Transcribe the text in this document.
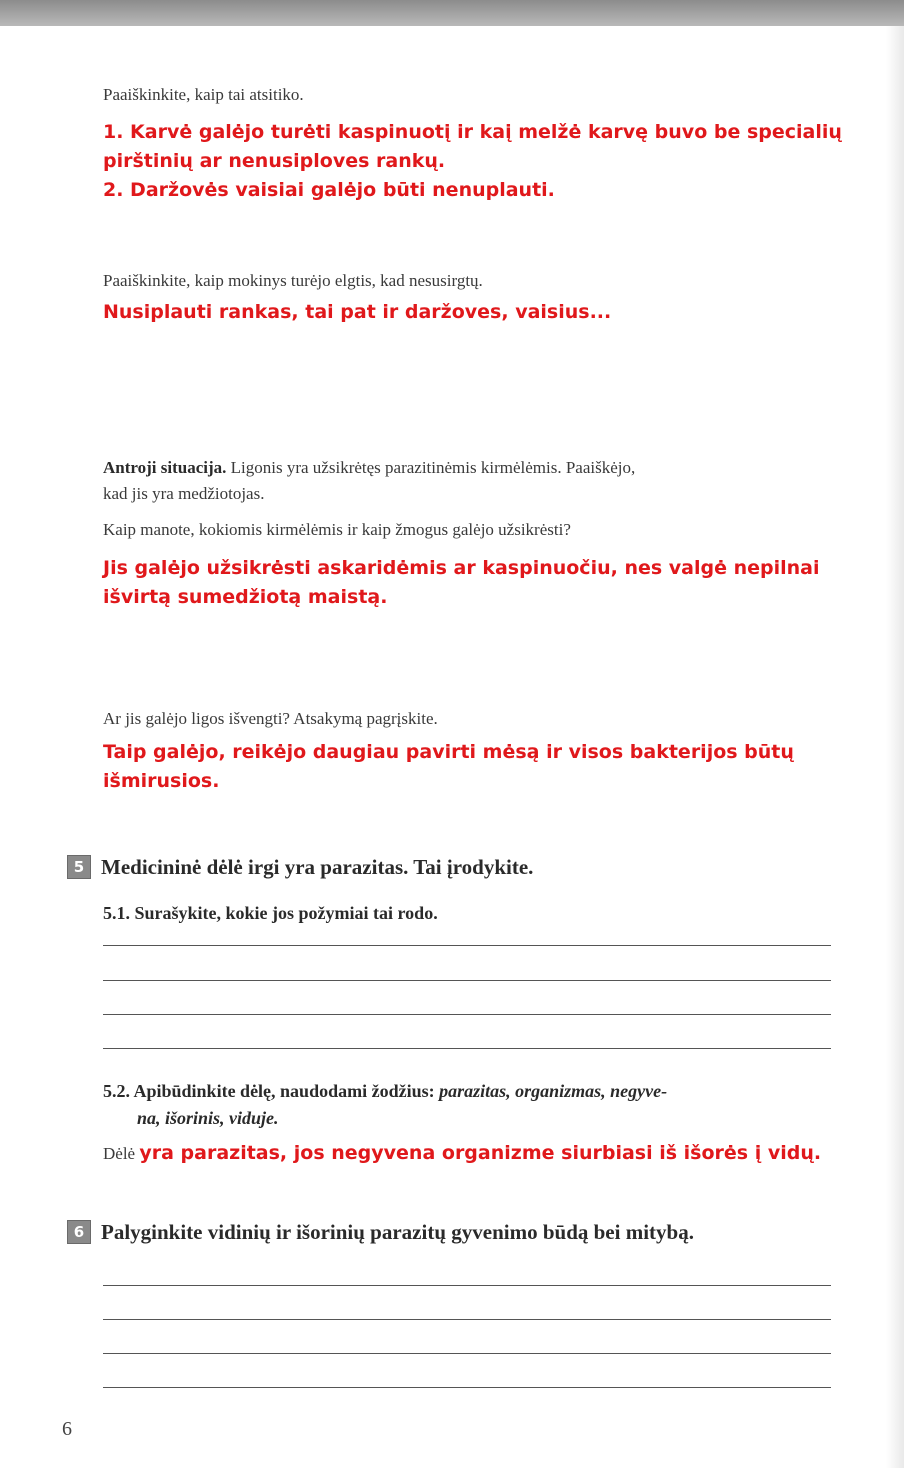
Paaiškinkite, kaip tai atsitiko.
1. Karvė galėjo turėti kaspinuotį ir kaį melžė karvę buvo be specialių
pirštinių ar nenusiploves rankų.
2. Daržovės vaisiai galėjo būti nenuplauti.
Paaiškinkite, kaip mokinys turėjo elgtis, kad nesusirgtų.
Nusiplauti rankas, tai pat ir daržoves, vaisius...
Antroji situacija. Ligonis yra užsikrėtęs parazitinėmis kirmėlėmis. Paaiškėjo,
kad jis yra medžiotojas.
Kaip manote, kokiomis kirmėlėmis ir kaip žmogus galėjo užsikrėsti?
Jis galėjo užsikrėsti askaridėmis ar kaspinuočiu, nes valgė nepilnai
išvirtą sumedžiotą maistą.
Ar jis galėjo ligos išvengti? Atsakymą pagrįskite.
Taip galėjo, reikėjo daugiau pavirti mėsą ir visos bakterijos būtų
išmirusios.
5 Medicininė dėlė irgi yra parazitas. Tai įrodykite.
5.1. Surašykite, kokie jos požymiai tai rodo.
5.2. Apibūdinkite dėlę, naudodami žodžius: parazitas, organizmas, negyve-
na, išorinis, viduje.
Dėlė yra parazitas, jos negyvena organizme siurbiasi iš išorės į vidų.
6 Palyginkite vidinių ir išorinių parazitų gyvenimo būdą bei mitybą.
6
